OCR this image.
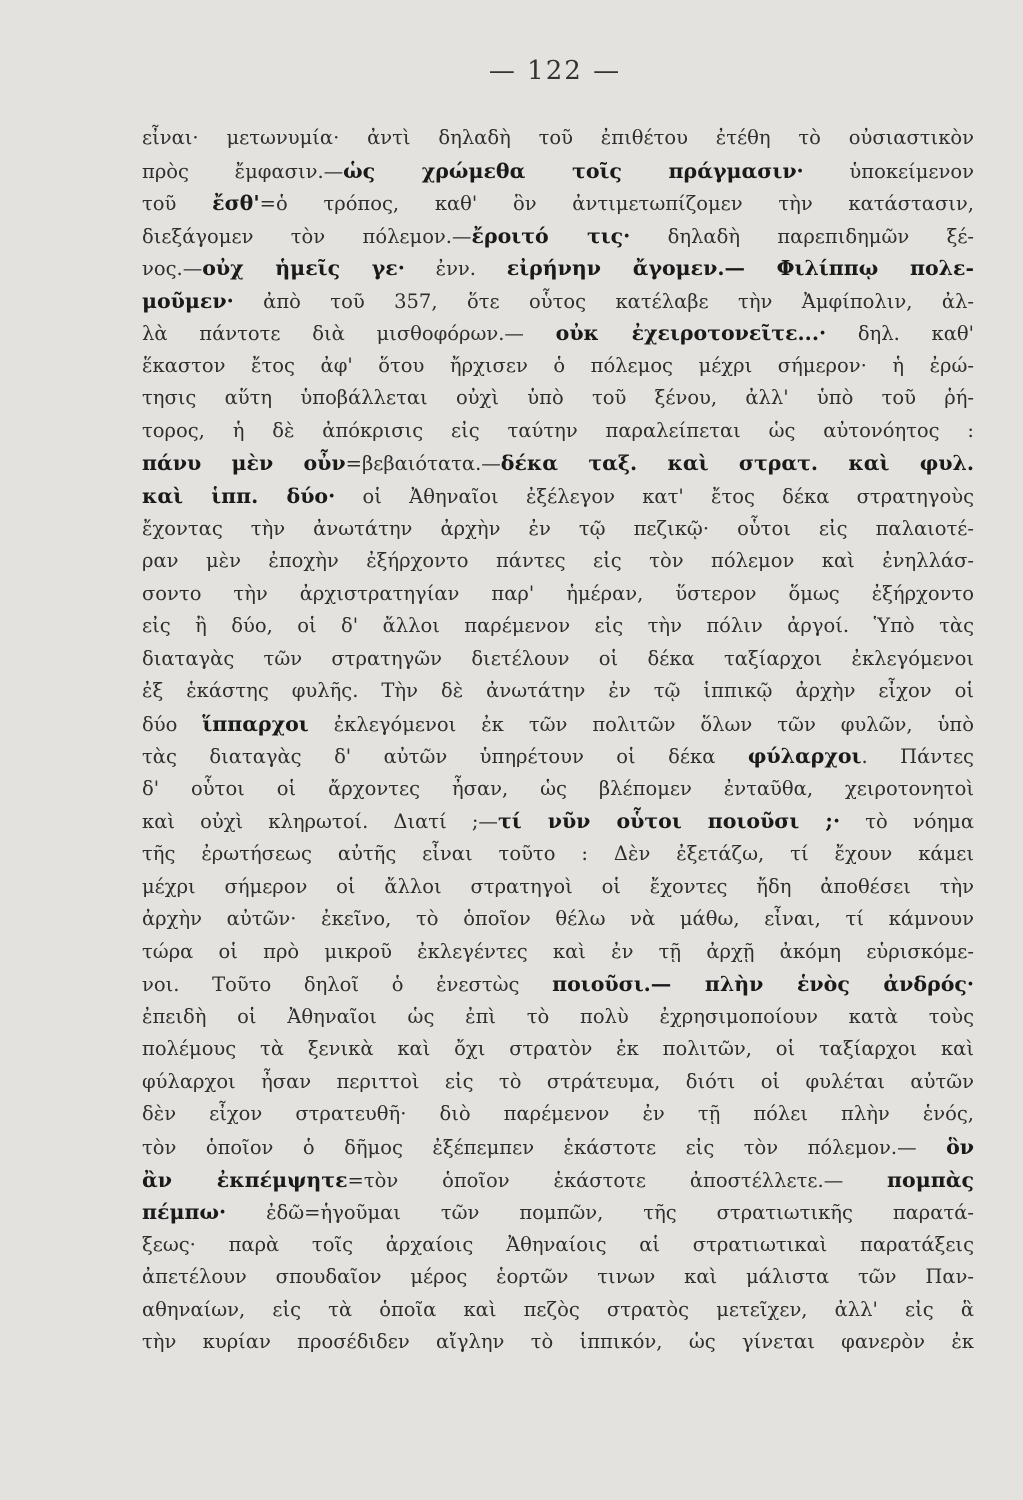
— 122 —
εἶναι· μετωνυμία· ἀντὶ δηλαδὴ τοῦ ἐπιθέτου ἐτέθη τὸ οὐσιαστικὸν
πρὸς ἔμφασιν.—ὡς χρώμεθα τοῖς πράγμασιν· ὑποκείμενον
τοῦ ἔσθ'=ὁ τρόπος, καθ' ὃν ἀντιμετωπίζομεν τὴν κατάστασιν,
διεξάγομεν τὸν πόλεμον.—ἔροιτό τις· δηλαδὴ παρεπιδημῶν ξέ-
νος.—οὐχ ἡμεῖς γε· ἐνν. εἰρήνην ἄγομεν.— Φιλίππῳ πολε-
μοῦμεν· ἀπὸ τοῦ 357, ὅτε οὗτος κατέλαβε τὴν Ἀμφίπολιν, ἀλ-
λὰ πάντοτε διὰ μισθοφόρων.— οὐκ ἐχειροτονεῖτε...· δηλ. καθ'
ἕκαστον ἔτος ἀφ' ὅτου ἤρχισεν ὁ πόλεμος μέχρι σήμερον· ἡ ἐρώ-
τησις αὕτη ὑποβάλλεται οὐχὶ ὑπὸ τοῦ ξένου, ἀλλ' ὑπὸ τοῦ ῥή-
τορος, ἡ δὲ ἀπόκρισις εἰς ταύτην παραλείπεται ὡς αὐτονόητος :
πάνυ μὲν οὖν=βεβαιότατα.—δέκα ταξ. καὶ στρατ. καὶ φυλ.
καὶ ἱππ. δύο· οἱ Ἀθηναῖοι ἐξέλεγον κατ' ἔτος δέκα στρατηγοὺς
ἔχοντας τὴν ἀνωτάτην ἀρχὴν ἐν τῷ πεζικῷ· οὗτοι εἰς παλαιοτέ-
ραν μὲν ἐποχὴν ἐξήρχοντο πάντες εἰς τὸν πόλεμον καὶ ἐνηλλάσ-
σοντο τὴν ἀρχιστρατηγίαν παρ' ἡμέραν, ὕστερον ὅμως ἐξήρχοντο
εἰς ἢ δύο, οἱ δ' ἄλλοι παρέμενον εἰς τὴν πόλιν ἀργοί. Ὑπὸ τὰς
διαταγὰς τῶν στρατηγῶν διετέλουν οἱ δέκα ταξίαρχοι ἐκλεγόμενοι
ἐξ ἑκάστης φυλῆς. Τὴν δὲ ἀνωτάτην ἐν τῷ ἱππικῷ ἀρχὴν εἶχον οἱ
δύο ἵππαρχοι ἐκλεγόμενοι ἐκ τῶν πολιτῶν ὅλων τῶν φυλῶν, ὑπὸ
τὰς διαταγὰς δ' αὐτῶν ὑπηρέτουν οἱ δέκα φύλαρχοι. Πάντες
δ' οὗτοι οἱ ἄρχοντες ἦσαν, ὡς βλέπομεν ἐνταῦθα, χειροτονητοὶ
καὶ οὐχὶ κληρωτοί. Διατί ;—τί νῦν οὗτοι ποιοῦσι ;· τὸ νόημα
τῆς ἐρωτήσεως αὐτῆς εἶναι τοῦτο : Δὲν ἐξετάζω, τί ἔχουν κάμει
μέχρι σήμερον οἱ ἄλλοι στρατηγοὶ οἱ ἔχοντες ἤδη ἀποθέσει τὴν
ἀρχὴν αὐτῶν· ἐκεῖνο, τὸ ὁποῖον θέλω νὰ μάθω, εἶναι, τί κάμνουν
τώρα οἱ πρὸ μικροῦ ἐκλεγέντες καὶ ἐν τῇ ἀρχῇ ἀκόμη εὑρισκόμε-
νοι. Τοῦτο δηλοῖ ὁ ἐνεστὼς ποιοῦσι.— πλὴν ἑνὸς ἀνδρός·
ἐπειδὴ οἱ Ἀθηναῖοι ὡς ἐπὶ τὸ πολὺ ἐχρησιμοποίουν κατὰ τοὺς
πολέμους τὰ ξενικὰ καὶ ὄχι στρατὸν ἐκ πολιτῶν, οἱ ταξίαρχοι καὶ
φύλαρχοι ἦσαν περιττοὶ εἰς τὸ στράτευμα, διότι οἱ φυλέται αὐτῶν
δὲν εἶχον στρατευθῆ· διὸ παρέμενον ἐν τῇ πόλει πλὴν ἑνός,
τὸν ὁποῖον ὁ δῆμος ἐξέπεμπεν ἑκάστοτε εἰς τὸν πόλεμον.— ὃν
ἂν ἐκπέμψητε=τὸν ὁποῖον ἑκάστοτε ἀποστέλλετε.— πομπὰς
πέμπω· ἐδῶ=ἡγοῦμαι τῶν πομπῶν, τῆς στρατιωτικῆς παρατά-
ξεως· παρὰ τοῖς ἀρχαίοις Ἀθηναίοις αἱ στρατιωτικαὶ παρατάξεις
ἀπετέλουν σπουδαῖον μέρος ἑορτῶν τινων καὶ μάλιστα τῶν Παν-
αθηναίων, εἰς τὰ ὁποῖα καὶ πεζὸς στρατὸς μετεῖχεν, ἀλλ' εἰς ἃ
τὴν κυρίαν προσέδιδεν αἴγλην τὸ ἱππικόν, ὡς γίνεται φανερὸν ἐκ
